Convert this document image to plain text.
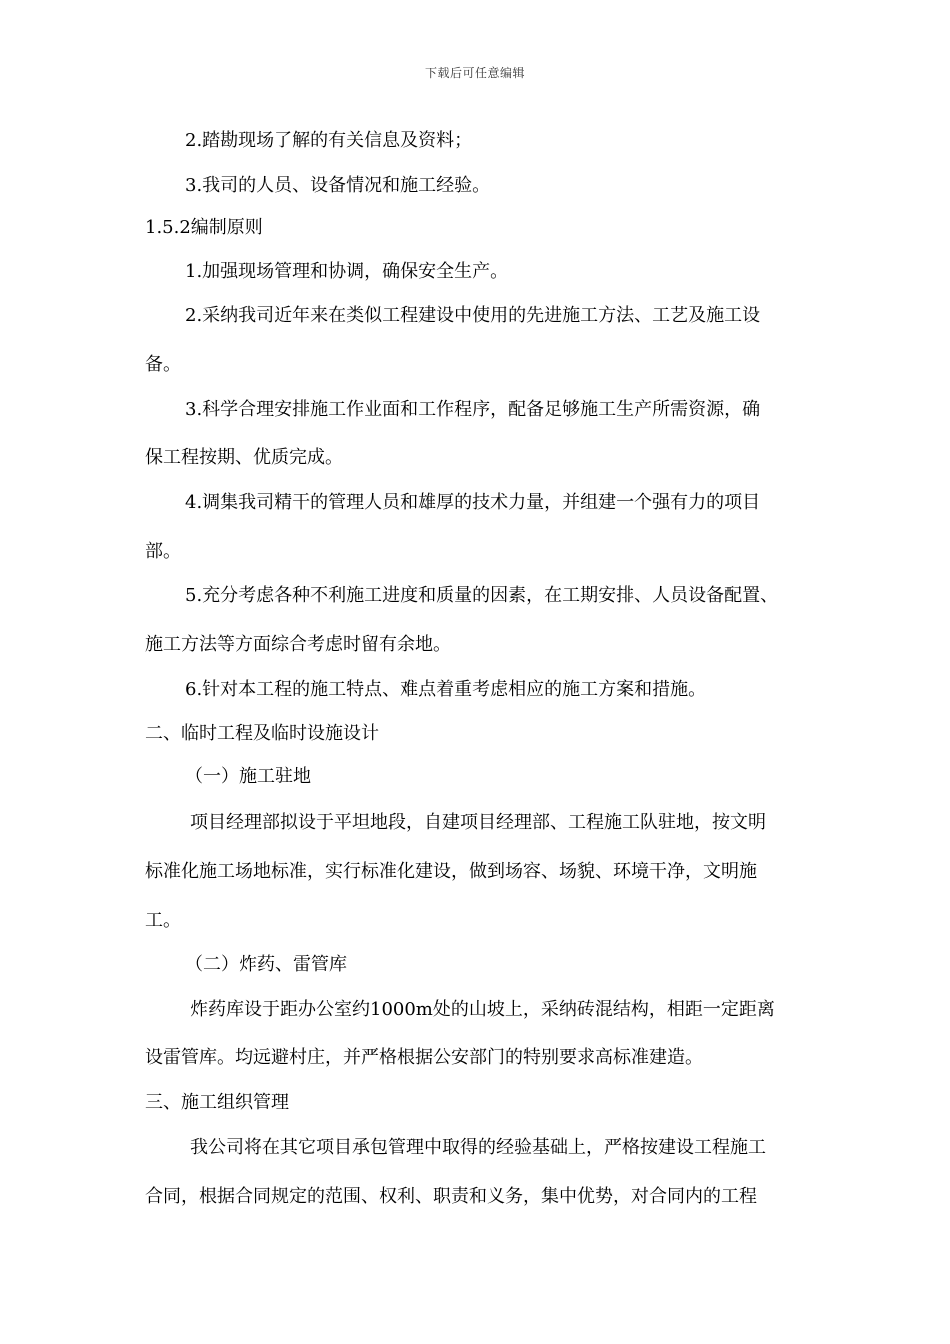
下载后可任意编辑
2.踏勘现场了解的有关信息及资料；
3.我司的人员、设备情况和施工经验。
1.5.2编制原则
1.加强现场管理和协调，确保安全生产。
2.采纳我司近年来在类似工程建设中使用的先进施工方法、工艺及施工设
备。
3.科学合理安排施工作业面和工作程序，配备足够施工生产所需资源，确
保工程按期、优质完成。
4.调集我司精干的管理人员和雄厚的技术力量，并组建一个强有力的项目
部。
5.充分考虑各种不利施工进度和质量的因素，在工期安排、人员设备配置、
施工方法等方面综合考虑时留有余地。
6.针对本工程的施工特点、难点着重考虑相应的施工方案和措施。
二、临时工程及临时设施设计
（一）施工驻地
项目经理部拟设于平坦地段，自建项目经理部、工程施工队驻地，按文明
标准化施工场地标准，实行标准化建设，做到场容、场貌、环境干净，文明施
工。
（二）炸药、雷管库
炸药库设于距办公室约1000m处的山坡上，采纳砖混结构，相距一定距离
设雷管库。均远避村庄，并严格根据公安部门的特别要求高标准建造。
三、施工组织管理
我公司将在其它项目承包管理中取得的经验基础上，严格按建设工程施工
合同，根据合同规定的范围、权利、职责和义务，集中优势，对合同内的工程
